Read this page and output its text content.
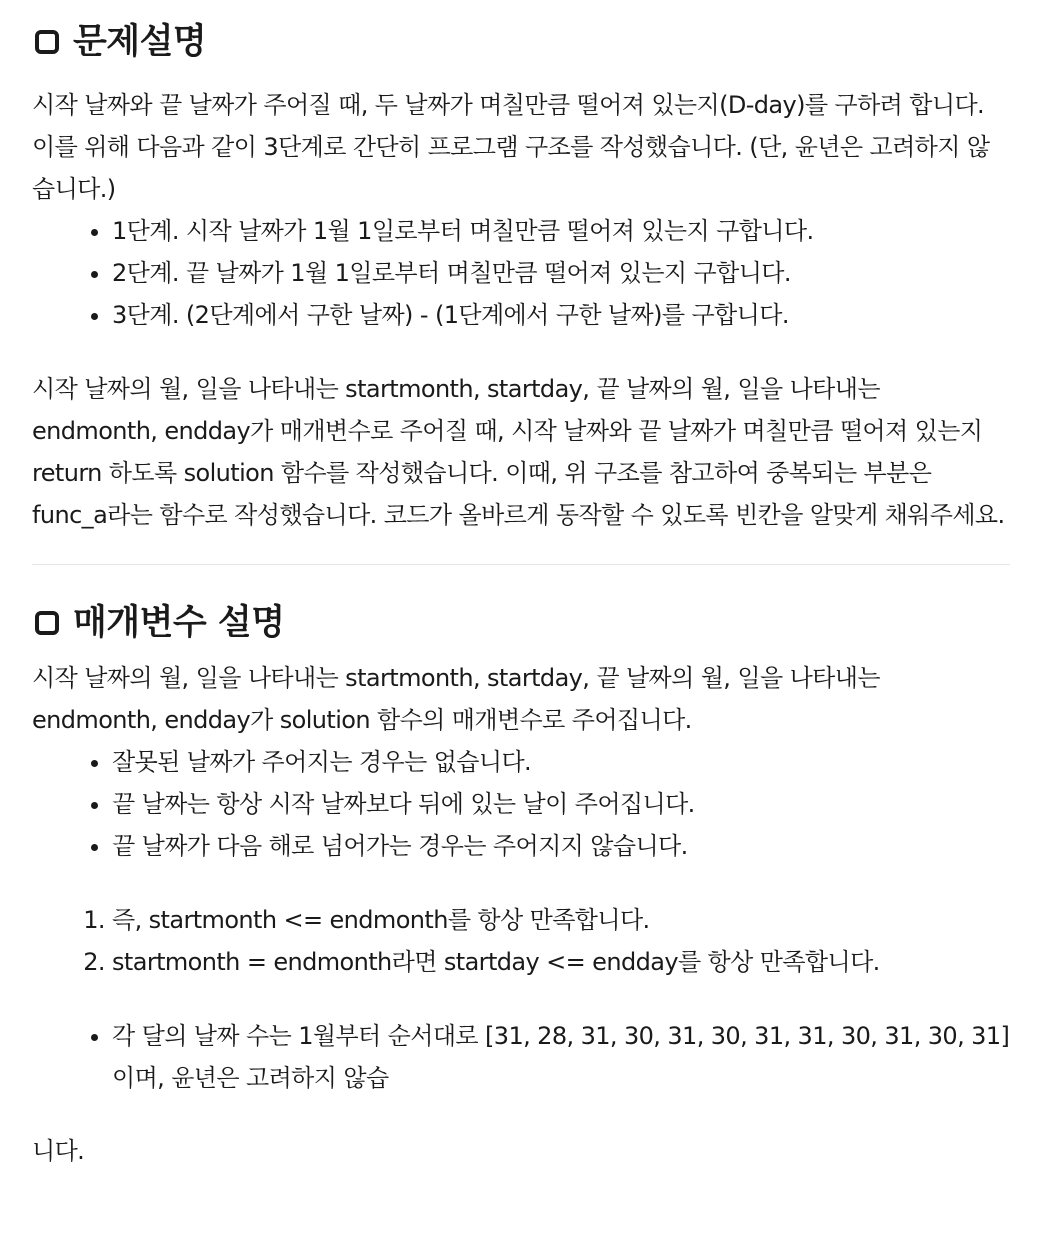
문제설명

시작 날짜와 끝 날짜가 주어질 때, 두 날짜가 며칠만큼 떨어져 있는지(D-day)를 구하려 합니다. 이를 위해 다음과 같이 3단계로 간단히 프로그램 구조를 작성했습니다. (단, 윤년은 고려하지 않습니다.)

• 1단계. 시작 날짜가 1월 1일로부터 며칠만큼 떨어져 있는지 구합니다.
• 2단계. 끝 날짜가 1월 1일로부터 며칠만큼 떨어져 있는지 구합니다.
• 3단계. (2단계에서 구한 날짜) - (1단계에서 구한 날짜)를 구합니다.

시작 날짜의 월, 일을 나타내는 startmonth, startday, 끝 날짜의 월, 일을 나타내는 endmonth, endday가 매개변수로 주어질 때, 시작 날짜와 끝 날짜가 며칠만큼 떨어져 있는지 return 하도록 solution 함수를 작성했습니다. 이때, 위 구조를 참고하여 중복되는 부분은 func_a라는 함수로 작성했습니다. 코드가 올바르게 동작할 수 있도록 빈칸을 알맞게 채워주세요.

매개변수 설명

시작 날짜의 월, 일을 나타내는 startmonth, startday, 끝 날짜의 월, 일을 나타내는 endmonth, endday가 solution 함수의 매개변수로 주어집니다.

• 잘못된 날짜가 주어지는 경우는 없습니다.
• 끝 날짜는 항상 시작 날짜보다 뒤에 있는 날이 주어집니다.
• 끝 날짜가 다음 해로 넘어가는 경우는 주어지지 않습니다.
1. 즉, startmonth <= endmonth를 항상 만족합니다.
2. startmonth = endmonth라면 startday <= endday를 항상 만족합니다.
• 각 달의 날짜 수는 1월부터 순서대로 [31, 28, 31, 30, 31, 30, 31, 31, 30, 31, 30, 31] 이며, 윤년은 고려하지 않습

니다.
